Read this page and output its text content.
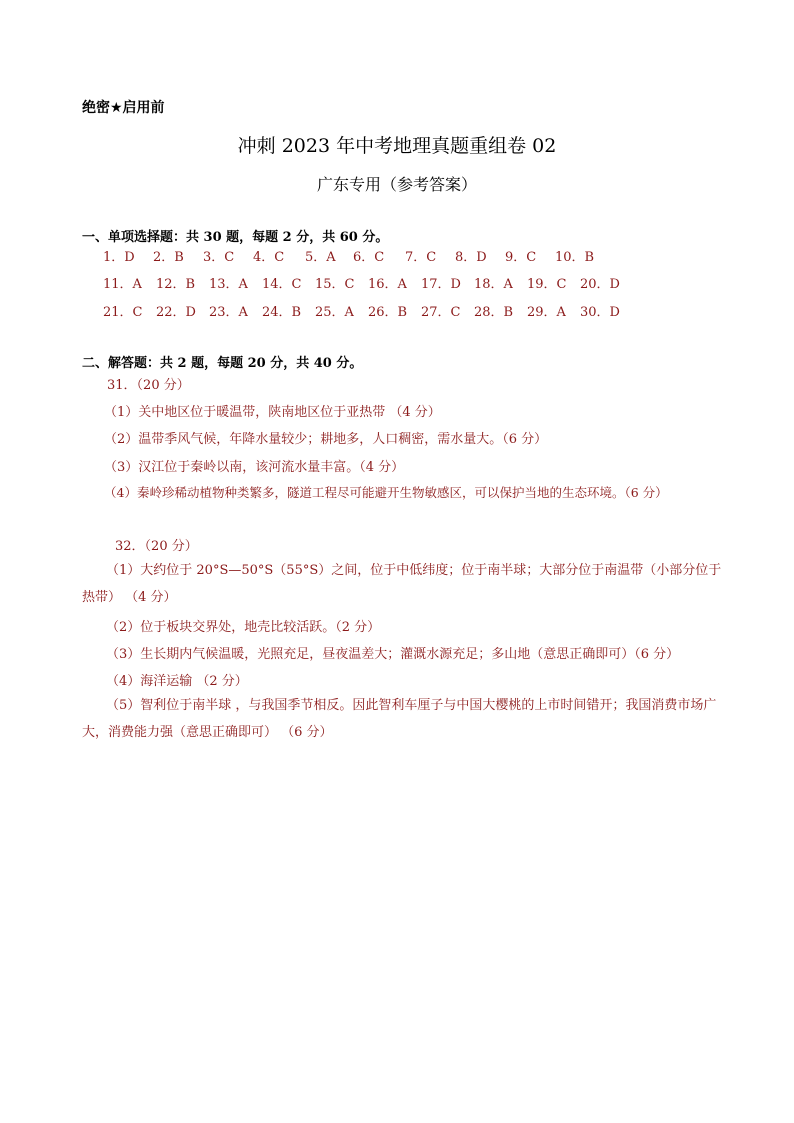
绝密★启用前
冲刺 2023 年中考地理真题重组卷 02
广东专用（参考答案）
一、单项选择题：共 30 题，每题 2 分，共 60 分。
1．D	2．B	3．C	4．C	5．A	6．C	7．C	8．D	9．C	10．B
11．A	12．B	13．A	14．C	15．C	16．A	17．D	18．A	19．C	20．D
21．C	22．D	23．A	24．B	25．A	26．B	27．C	28．B	29．A	30．D
二、解答题：共 2 题，每题 20 分，共 40 分。
31．（20 分）
（1）关中地区位于暖温带，陕南地区位于亚热带 （4 分）
（2）温带季风气候，年降水量较少；耕地多，人口稠密，需水量大。（6 分）
（3）汉江位于秦岭以南，该河流水量丰富。（4 分）
（4）秦岭珍稀动植物种类繁多，隧道工程尽可能避开生物敏感区，可以保护当地的生态环境。（6 分）
32．（20 分）
（1）大约位于 20°S—50°S（55°S）之间，位于中低纬度；位于南半球；大部分位于南温带（小部分位于热带） （4 分）
（2）位于板块交界处，地壳比较活跃。（2 分）
（3）生长期内气候温暖，光照充足，昼夜温差大；灌溉水源充足；多山地（意思正确即可）（6 分）
（4）海洋运输 （2 分）
（5）智利位于南半球 ，与我国季节相反。因此智利车厘子与中国大樱桃的上市时间错开；我国消费市场广大，消费能力强（意思正确即可） （6 分）
